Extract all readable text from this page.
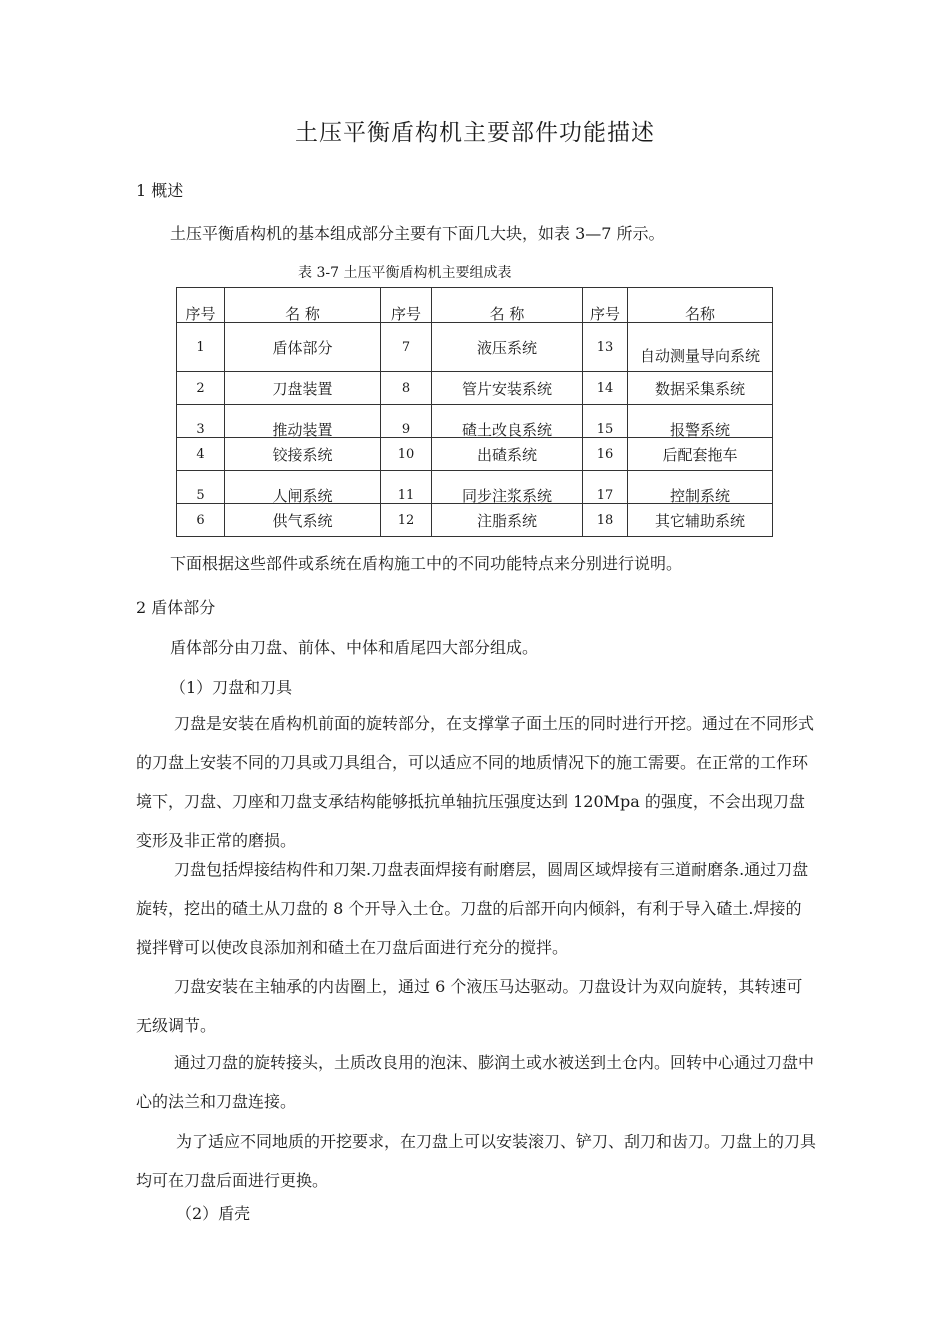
土压平衡盾构机主要部件功能描述
1 概述
土压平衡盾构机的基本组成部分主要有下面几大块，如表 3—7 所示。
表 3-7 土压平衡盾构机主要组成表
序号	名 称	序号	名 称	序号	名称
1	盾体部分	7	液压系统	13	自动测量导向系统
2	刀盘装置	8	管片安装系统	14	数据采集系统
3	推动装置	9	碴土改良系统	15	报警系统
4	铰接系统	10	出碴系统	16	后配套拖车
5	人闸系统	11	同步注浆系统	17	控制系统
6	供气系统	12	注脂系统	18	其它辅助系统
下面根据这些部件或系统在盾构施工中的不同功能特点来分别进行说明。
2 盾体部分
盾体部分由刀盘、前体、中体和盾尾四大部分组成。
（1）刀盘和刀具
刀盘是安装在盾构机前面的旋转部分，在支撑掌子面土压的同时进行开挖。通过在不同形式的刀盘上安装不同的刀具或刀具组合，可以适应不同的地质情况下的施工需要。在正常的工作环境下，刀盘、刀座和刀盘支承结构能够抵抗单轴抗压强度达到 120Mpa 的强度，不会出现刀盘变形及非正常的磨损。
刀盘包括焊接结构件和刀架.刀盘表面焊接有耐磨层，圆周区域焊接有三道耐磨条.通过刀盘旋转，挖出的碴土从刀盘的 8 个开导入土仓。刀盘的后部开向内倾斜，有利于导入碴土.焊接的搅拌臂可以使改良添加剂和碴土在刀盘后面进行充分的搅拌。
刀盘安装在主轴承的内齿圈上，通过 6 个液压马达驱动。刀盘设计为双向旋转，其转速可无级调节。
通过刀盘的旋转接头，土质改良用的泡沫、膨润土或水被送到土仓内。回转中心通过刀盘中心的法兰和刀盘连接。
为了适应不同地质的开挖要求，在刀盘上可以安装滚刀、铲刀、刮刀和齿刀。刀盘上的刀具均可在刀盘后面进行更换。
（2）盾壳
